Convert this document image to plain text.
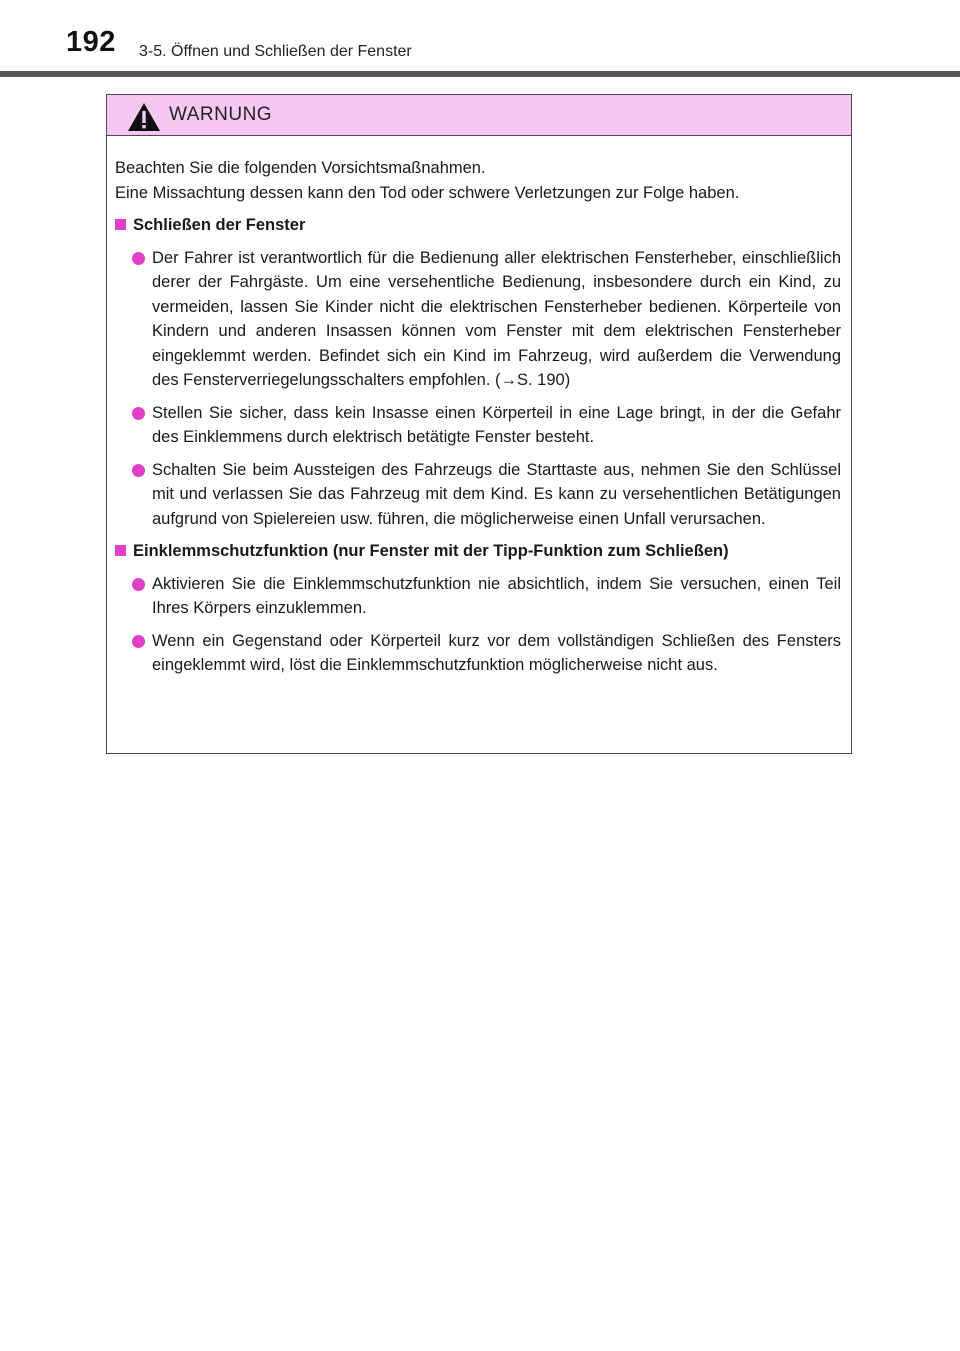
192 3-5. Öffnen und Schließen der Fenster
WARNUNG

Beachten Sie die folgenden Vorsichtsmaßnahmen.

Eine Missachtung dessen kann den Tod oder schwere Verletzungen zur Folge haben.

Schließen der Fenster
Der Fahrer ist verantwortlich für die Bedienung aller elektrischen Fensterheber, einschließlich derer der Fahrgäste. Um eine versehentliche Bedienung, insbesondere durch ein Kind, zu vermeiden, lassen Sie Kinder nicht die elektrischen Fensterheber bedienen. Körperteile von Kindern und anderen Insassen können vom Fenster mit dem elektrischen Fensterheber eingeklemmt werden. Befindet sich ein Kind im Fahrzeug, wird außerdem die Verwendung des Fensterverriegelungsschalters empfohlen. (→S. 190)
Stellen Sie sicher, dass kein Insasse einen Körperteil in eine Lage bringt, in der die Gefahr des Einklemmens durch elektrisch betätigte Fenster besteht.
Schalten Sie beim Aussteigen des Fahrzeugs die Starttaste aus, nehmen Sie den Schlüssel mit und verlassen Sie das Fahrzeug mit dem Kind. Es kann zu versehentlichen Betätigungen aufgrund von Spielereien usw. führen, die möglicherweise einen Unfall verursachen.
Einklemmschutzfunktion (nur Fenster mit der Tipp-Funktion zum Schließen)
Aktivieren Sie die Einklemmschutzfunktion nie absichtlich, indem Sie versuchen, einen Teil Ihres Körpers einzuklemmen.
Wenn ein Gegenstand oder Körperteil kurz vor dem vollständigen Schließen des Fensters eingeklemmt wird, löst die Einklemmschutzfunktion möglicherweise nicht aus.
